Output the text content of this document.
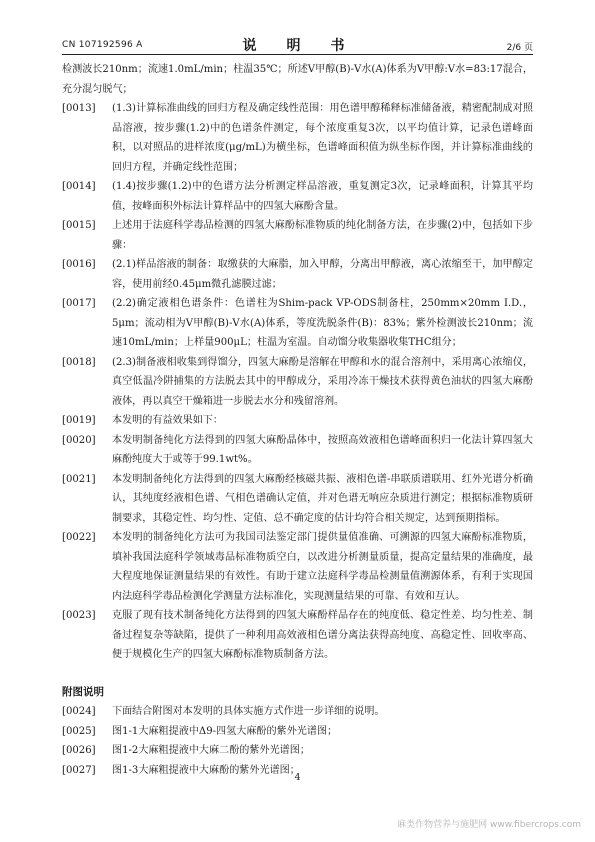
CN 107192596 A	说　明　书	2/6 页

检测波长210nm；流速1.0mL/min；柱温35℃；所述V甲醇(B)-V水(A)体系为V甲醇:V水=83:17混合，充分混匀脱气；

[0013]	(1.3)计算标准曲线的回归方程及确定线性范围：用色谱甲醇稀释标准储备液，精密配制成对照品溶液，按步骤(1.2)中的色谱条件测定，每个浓度重复3次，以平均值计算，记录色谱峰面积，以对照品的进样浓度(μg/mL)为横坐标，色谱峰面积值为纵坐标作图，并计算标准曲线的回归方程，并确定线性范围；
[0014]	(1.4)按步骤(1.2)中的色谱方法分析测定样品溶液，重复测定3次，记录峰面积，计算其平均值，按峰面积外标法计算样品中的四氢大麻酚含量。
[0015]	上述用于法庭科学毒品检测的四氢大麻酚标准物质的纯化制备方法，在步骤(2)中，包括如下步骤：
[0016]	(2.1)样品溶液的制备：取缴获的大麻脂，加入甲醇，分离出甲醇液，离心浓缩至干，加甲醇定容，使用前经0.45μm微孔滤膜过滤；
[0017]	(2.2)确定液相色谱条件：色谱柱为Shim-pack VP-ODS制备柱，250mm×20mm I.D.，5μm；流动相为V甲醇(B)-V水(A)体系，等度洗脱条件(B)：83%；紫外检测波长210nm；流速10mL/min；上样量900μL；柱温为室温。自动馏分收集器收集THC组分；
[0018]	(2.3)制备液相收集到得馏分，四氢大麻酚是溶解在甲醇和水的混合溶剂中，采用离心浓缩仪，真空低温冷阱捕集的方法脱去其中的甲醇成分，采用冷冻干燥技术获得黄色油状的四氢大麻酚液体，再以真空干燥箱进一步脱去水分和残留溶剂。
[0019]	本发明的有益效果如下：
[0020]	本发明制备纯化方法得到的四氢大麻酚晶体中，按照高效液相色谱峰面积归一化法计算四氢大麻酚纯度大于或等于99.1wt%。
[0021]	本发明制备纯化方法得到的四氢大麻酚经核磁共振、液相色谱-串联质谱联用、红外光谱分析确认，其纯度经液相色谱、气相色谱确认定值，并对色谱无响应杂质进行测定；根据标准物质研制要求，其稳定性、均匀性、定值、总不确定度的估计均符合相关规定，达到预期指标。
[0022]	本发明的制备纯化方法可为我国司法鉴定部门提供量值准确、可溯源的四氢大麻酚标准物质，填补我国法庭科学领域毒品标准物质空白，以改进分析测量质量，提高定量结果的准确度，最大程度地保证测量结果的有效性。有助于建立法庭科学毒品检测量值溯源体系，有利于实现国内法庭科学毒品检测化学测量方法标准化，实现测量结果的可靠、有效和互认。
[0023]	克服了现有技术制备纯化方法得到的四氢大麻酚样品存在的纯度低、稳定性差、均匀性差、制备过程复杂等缺陷，提供了一种利用高效液相色谱分离法获得高纯度、高稳定性、回收率高、便于规模化生产的四氢大麻酚标准物质制备方法。

附图说明

[0024]	下面结合附图对本发明的具体实施方式作进一步详细的说明。
[0025]	图1-1大麻粗提液中Δ9-四氢大麻酚的紫外光谱图；
[0026]	图1-2大麻粗提液中大麻二酚的紫外光谱图；
[0027]	图1-3大麻粗提液中大麻酚的紫外光谱图；
4
麻类作物营养与施肥网 www.fibercrops.com
